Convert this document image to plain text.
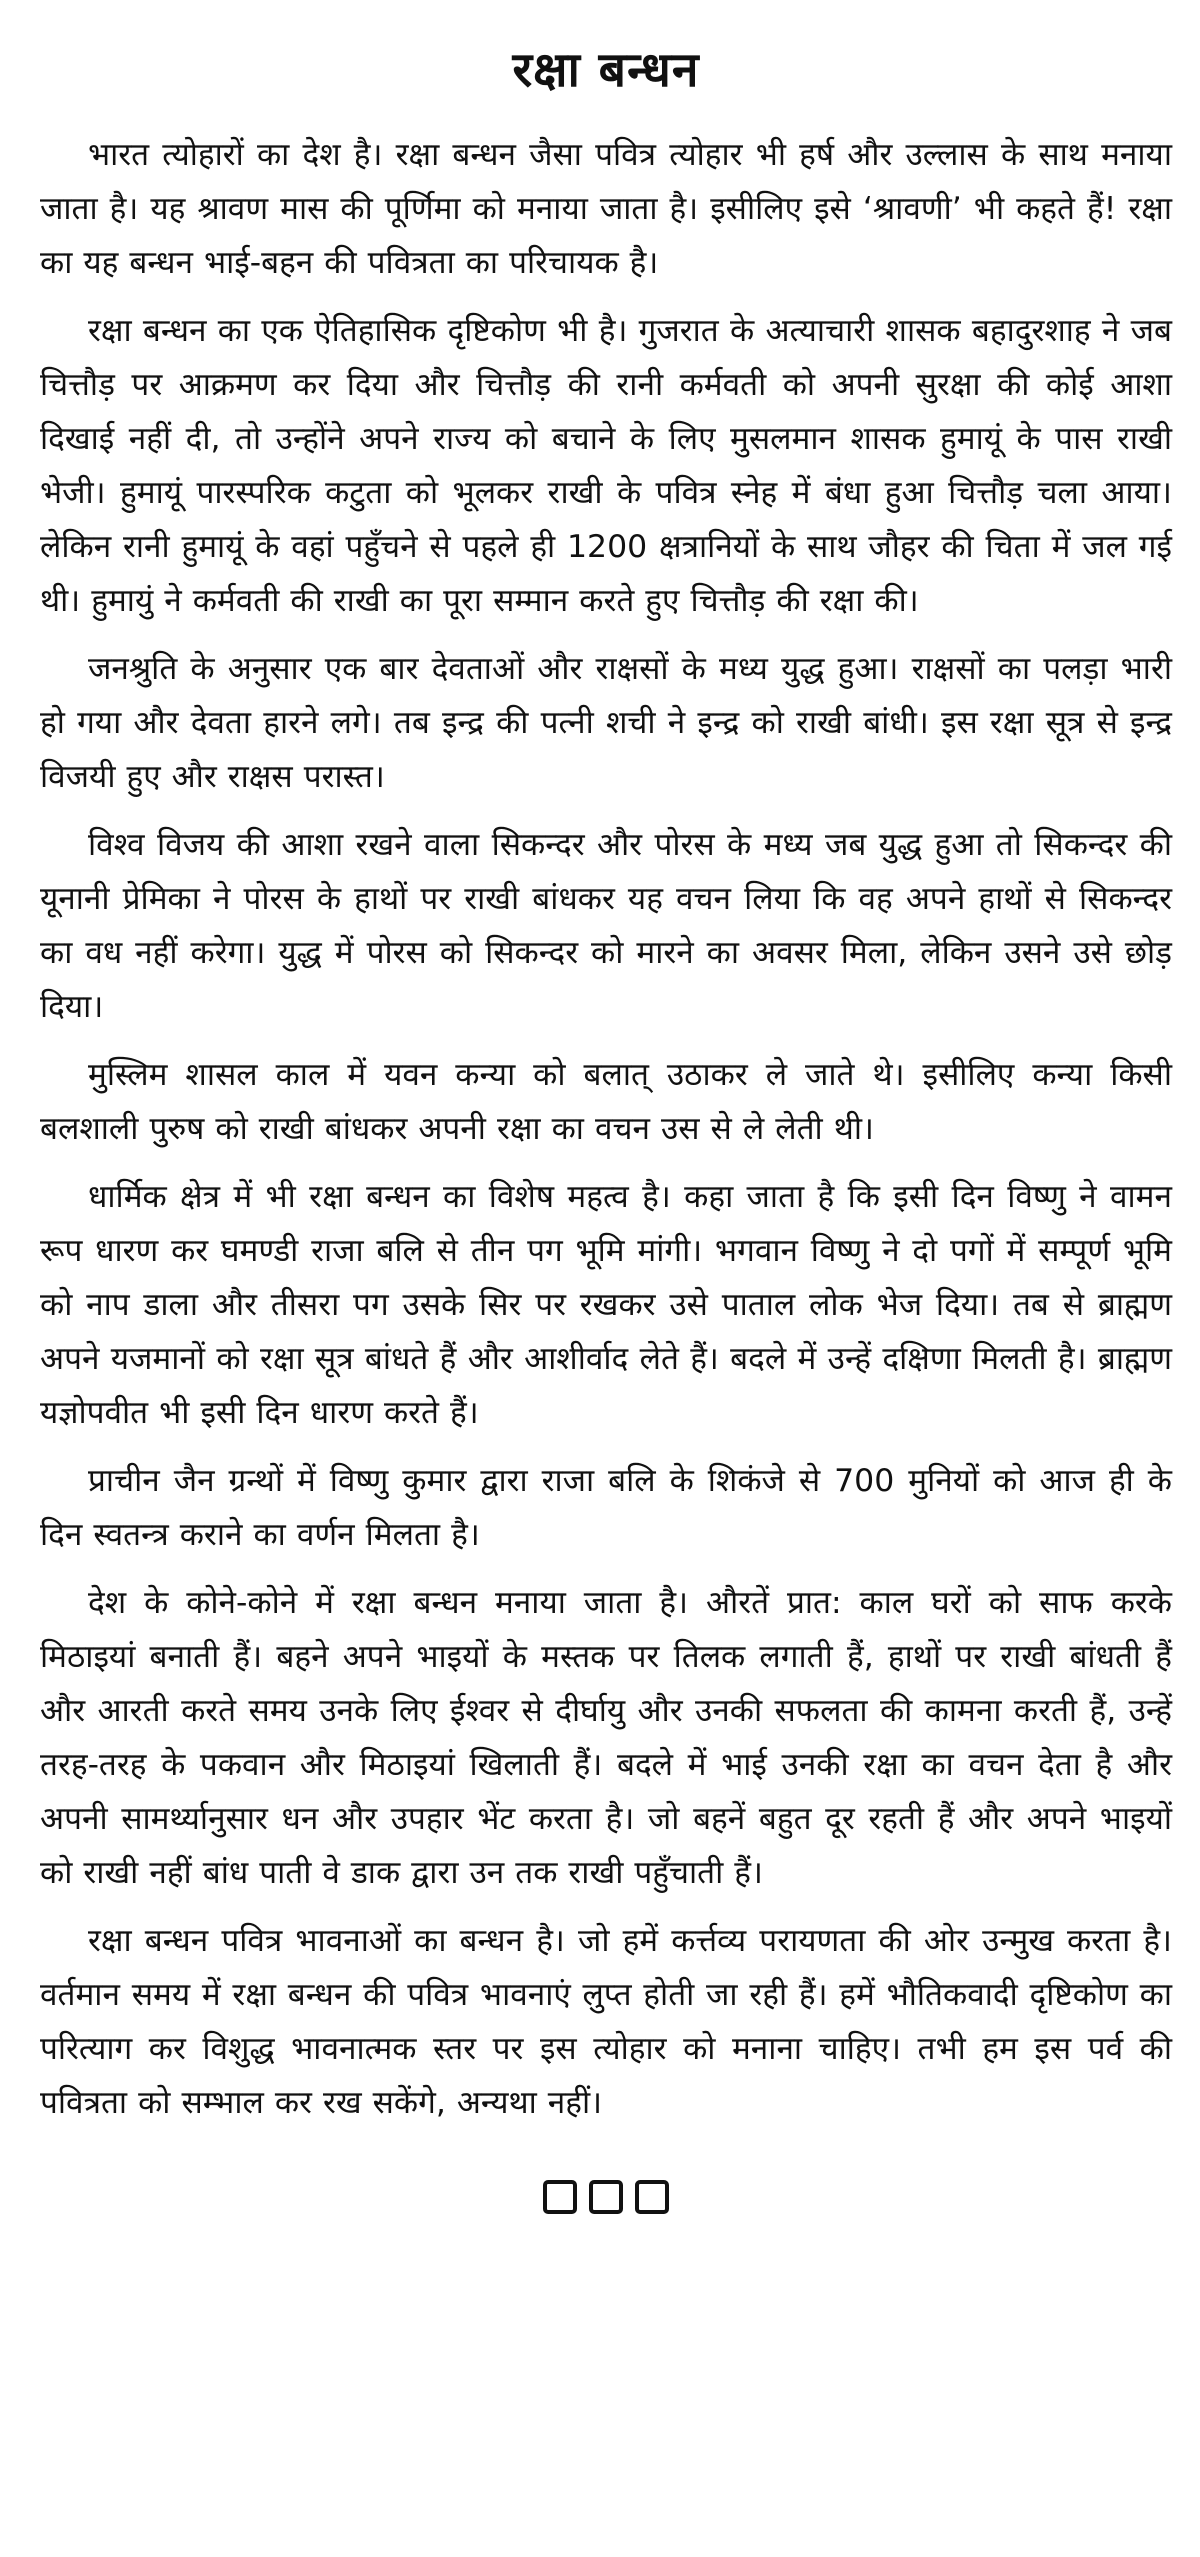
रक्षा बन्धन

भारत त्योहारों का देश है। रक्षा बन्धन जैसा पवित्र त्योहार भी हर्ष और उल्लास के साथ मनाया जाता है। यह श्रावण मास की पूर्णिमा को मनाया जाता है। इसीलिए इसे ‘श्रावणी’ भी कहते हैं! रक्षा का यह बन्धन भाई-बहन की पवित्रता का परिचायक है।

रक्षा बन्धन का एक ऐतिहासिक दृष्टिकोण भी है। गुजरात के अत्याचारी शासक बहादुरशाह ने जब चित्तौड़ पर आक्रमण कर दिया और चित्तौड़ की रानी कर्मवती को अपनी सुरक्षा की कोई आशा दिखाई नहीं दी, तो उन्होंने अपने राज्य को बचाने के लिए मुसलमान शासक हुमायूं के पास राखी भेजी। हुमायूं पारस्परिक कटुता को भूलकर राखी के पवित्र स्नेह में बंधा हुआ चित्तौड़ चला आया। लेकिन रानी हुमायूं के वहां पहुँचने से पहले ही 1200 क्षत्रानियों के साथ जौहर की चिता में जल गई थी। हुमायुं ने कर्मवती की राखी का पूरा सम्मान करते हुए चित्तौड़ की रक्षा की।

जनश्रुति के अनुसार एक बार देवताओं और राक्षसों के मध्य युद्ध हुआ। राक्षसों का पलड़ा भारी हो गया और देवता हारने लगे। तब इन्द्र की पत्नी शची ने इन्द्र को राखी बांधी। इस रक्षा सूत्र से इन्द्र विजयी हुए और राक्षस परास्त।

विश्व विजय की आशा रखने वाला सिकन्दर और पोरस के मध्य जब युद्ध हुआ तो सिकन्दर की यूनानी प्रेमिका ने पोरस के हाथों पर राखी बांधकर यह वचन लिया कि वह अपने हाथों से सिकन्दर का वध नहीं करेगा। युद्ध में पोरस को सिकन्दर को मारने का अवसर मिला, लेकिन उसने उसे छोड़ दिया।

मुस्लिम शासल काल में यवन कन्या को बलात् उठाकर ले जाते थे। इसीलिए कन्या किसी बलशाली पुरुष को राखी बांधकर अपनी रक्षा का वचन उस से ले लेती थी।

धार्मिक क्षेत्र में भी रक्षा बन्धन का विशेष महत्व है। कहा जाता है कि इसी दिन विष्णु ने वामन रूप धारण कर घमण्डी राजा बलि से तीन पग भूमि मांगी। भगवान विष्णु ने दो पगों में सम्पूर्ण भूमि को नाप डाला और तीसरा पग उसके सिर पर रखकर उसे पाताल लोक भेज दिया। तब से ब्राह्मण अपने यजमानों को रक्षा सूत्र बांधते हैं और आशीर्वाद लेते हैं। बदले में उन्हें दक्षिणा मिलती है। ब्राह्मण यज्ञोपवीत भी इसी दिन धारण करते हैं।

प्राचीन जैन ग्रन्थों में विष्णु कुमार द्वारा राजा बलि के शिकंजे से 700 मुनियों को आज ही के दिन स्वतन्त्र कराने का वर्णन मिलता है।

देश के कोने-कोने में रक्षा बन्धन मनाया जाता है। औरतें प्रात: काल घरों को साफ करके मिठाइयां बनाती हैं। बहने अपने भाइयों के मस्तक पर तिलक लगाती हैं, हाथों पर राखी बांधती हैं और आरती करते समय उनके लिए ईश्वर से दीर्घायु और उनकी सफलता की कामना करती हैं, उन्हें तरह-तरह के पकवान और मिठाइयां खिलाती हैं। बदले में भाई उनकी रक्षा का वचन देता है और अपनी सामर्थ्यानुसार धन और उपहार भेंट करता है। जो बहनें बहुत दूर रहती हैं और अपने भाइयों को राखी नहीं बांध पाती वे डाक द्वारा उन तक राखी पहुँचाती हैं।

रक्षा बन्धन पवित्र भावनाओं का बन्धन है। जो हमें कर्त्तव्य परायणता की ओर उन्मुख करता है। वर्तमान समय में रक्षा बन्धन की पवित्र भावनाएं लुप्त होती जा रही हैं। हमें भौतिकवादी दृष्टिकोण का परित्याग कर विशुद्ध भावनात्मक स्तर पर इस त्योहार को मनाना चाहिए। तभी हम इस पर्व की पवित्रता को सम्भाल कर रख सकेंगे, अन्यथा नहीं।
